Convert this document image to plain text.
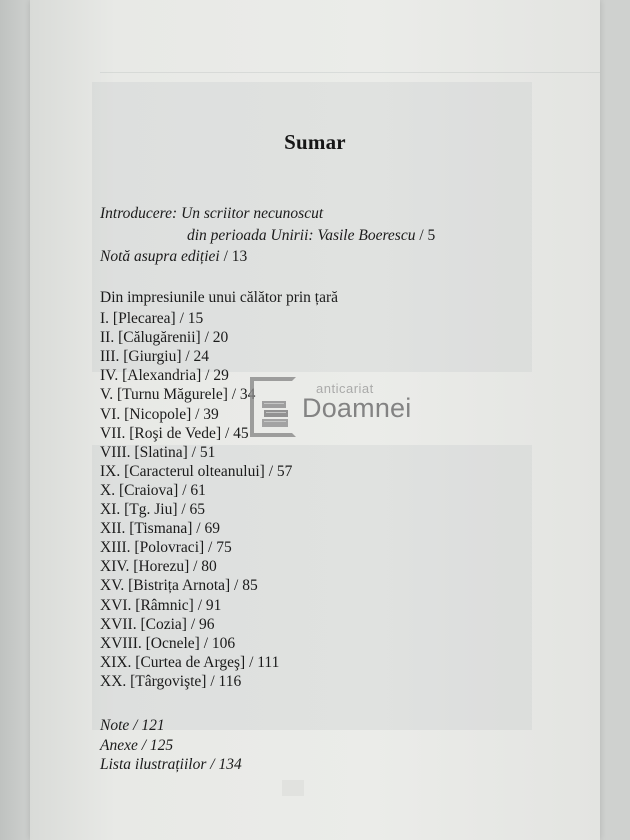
Sumar
Introducere: Un scriitor necunoscut
din perioada Unirii: Vasile Boerescu / 5
Notă asupra ediției / 13
Din impresiunile unui călător prin țară
I. [Plecarea] / 15
II. [Călugărenii] / 20
III. [Giurgiu] / 24
IV. [Alexandria] / 29
V. [Turnu Măgurele] / 34
VI. [Nicopole] / 39
VII. [Roşi de Vede] / 45
VIII. [Slatina] / 51
IX. [Caracterul olteanului] / 57
X. [Craiova] / 61
XI. [Tg. Jiu] / 65
XII. [Tismana] / 69
XIII. [Polovraci] / 75
XIV. [Horezu] / 80
XV. [Bistrița Arnota] / 85
XVI. [Râmnic] / 91
XVII. [Cozia] / 96
XVIII. [Ocnele] / 106
XIX. [Curtea de Argeş] / 111
XX. [Târgovişte] / 116
Note / 121
Anexe / 125
Lista ilustrațiilor / 134
anticariat
Doamnei
